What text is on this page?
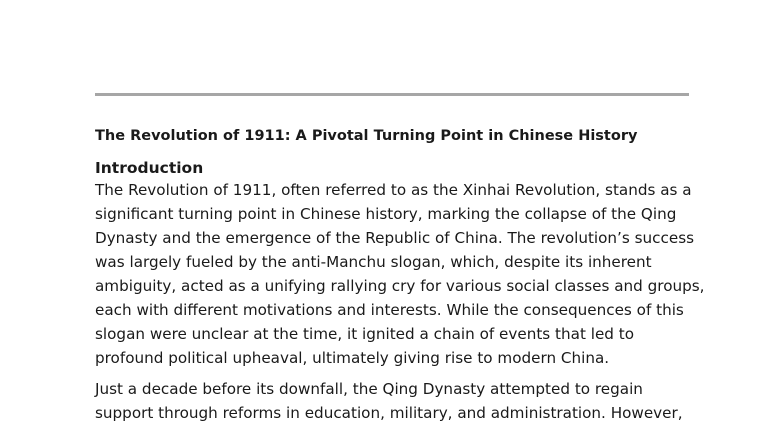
The Revolution of 1911: A Pivotal Turning Point in Chinese History
Introduction

The Revolution of 1911, often referred to as the Xinhai Revolution, stands as a
significant turning point in Chinese history, marking the collapse of the Qing
Dynasty and the emergence of the Republic of China. The revolution’s success
was largely fueled by the anti-Manchu slogan, which, despite its inherent
ambiguity, acted as a unifying rallying cry for various social classes and groups,
each with different motivations and interests. While the consequences of this
slogan were unclear at the time, it ignited a chain of events that led to
profound political upheaval, ultimately giving rise to modern China.

Just a decade before its downfall, the Qing Dynasty attempted to regain
support through reforms in education, military, and administration. However,
